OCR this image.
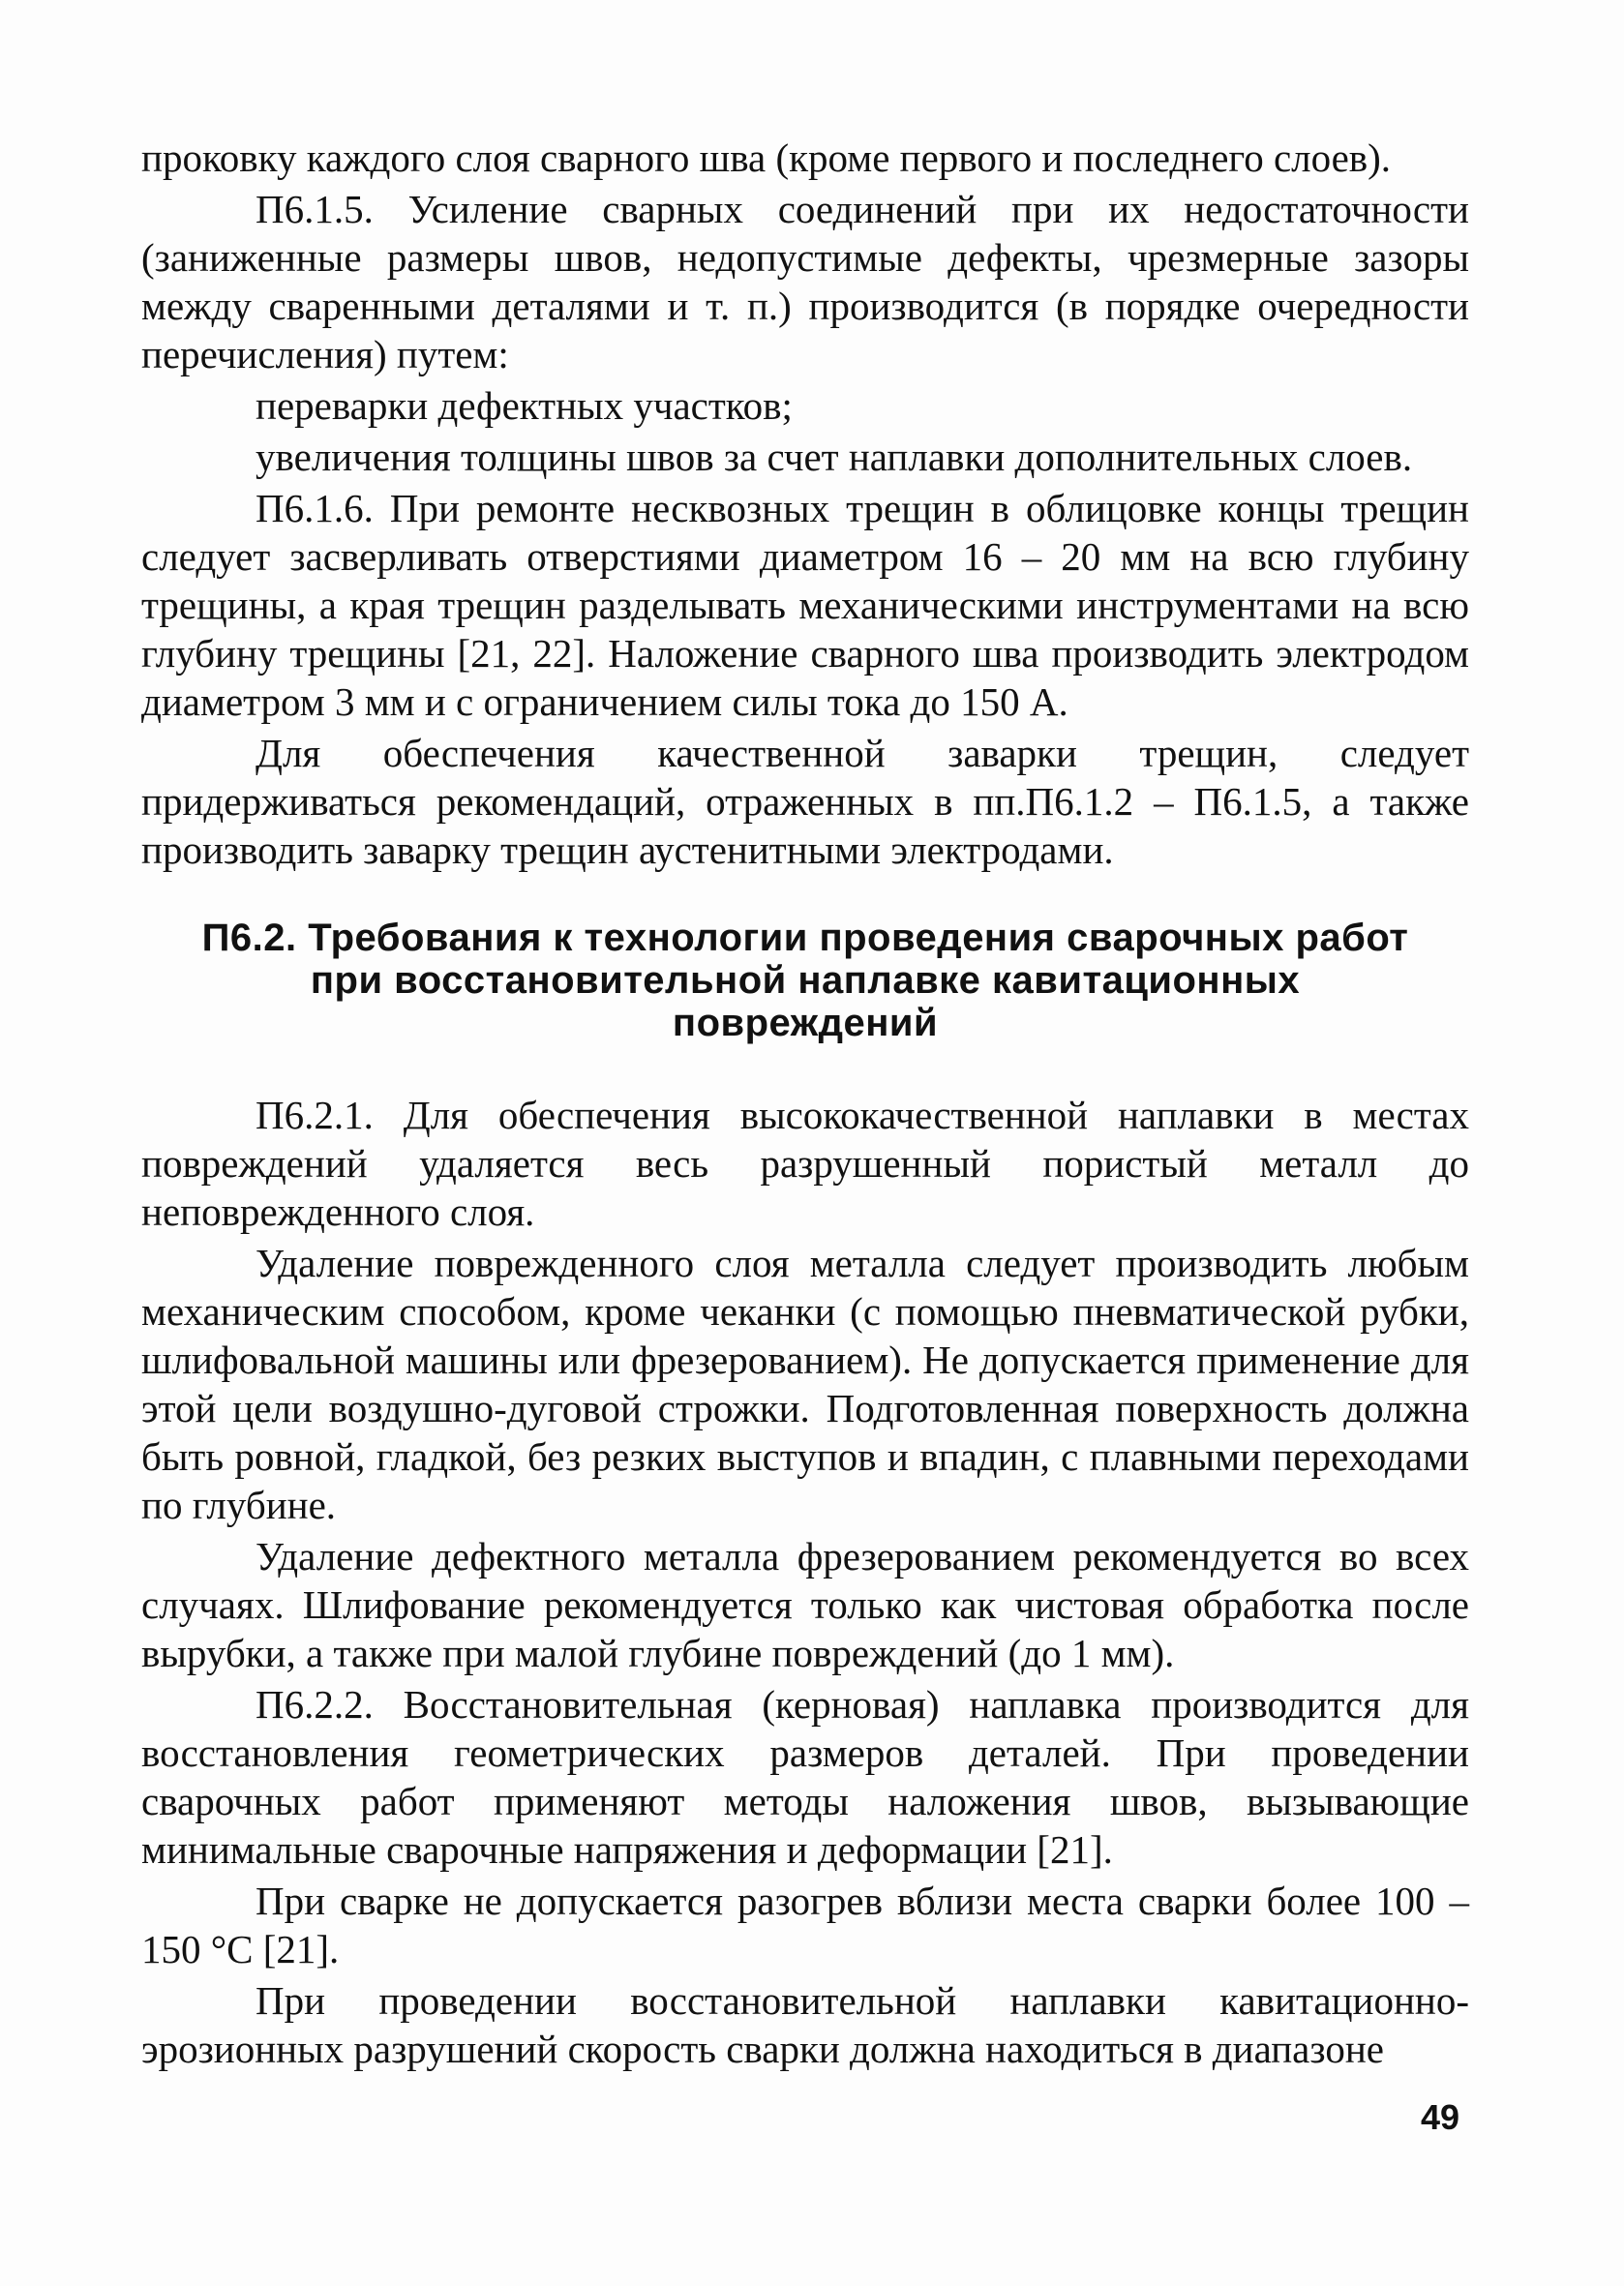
проковку каждого слоя сварного шва (кроме первого и последнего слоев).

П6.1.5. Усиление сварных соединений при их недостаточности (заниженные размеры швов, недопустимые дефекты, чрезмерные зазоры между сваренными деталями и т. п.) производится (в порядке очередности перечисления) путем:

переварки дефектных участков;

увеличения толщины швов за счет наплавки дополнительных слоев.

П6.1.6. При ремонте несквозных трещин в облицовке концы трещин следует засверливать отверстиями диаметром 16 – 20 мм на всю глубину трещины, а края трещин разделывать механическими инструментами на всю глубину трещины [21, 22]. Наложение сварного шва производить электродом диаметром 3 мм и с ограничением силы тока до 150 А.

Для обеспечения качественной заварки трещин, следует придерживаться рекомендаций, отраженных в пп.П6.1.2 – П6.1.5, а также производить заварку трещин аустенитными электродами.

П6.2. Требования к технологии проведения сварочных работ
при восстановительной наплавке кавитационных
повреждений

П6.2.1. Для обеспечения высококачественной наплавки в местах повреждений удаляется весь разрушенный пористый металл до неповрежденного слоя.

Удаление поврежденного слоя металла следует производить любым механическим способом, кроме чеканки (с помощью пневматической рубки, шлифовальной машины или фрезерованием). Не допускается применение для этой цели воздушно-дуговой строжки. Подготовленная поверхность должна быть ровной, гладкой, без резких выступов и впадин, с плавными переходами по глубине.

Удаление дефектного металла фрезерованием рекомендуется во всех случаях. Шлифование рекомендуется только как чистовая обработка после вырубки, а также при малой глубине повреждений (до 1 мм).

П6.2.2. Восстановительная (керновая) наплавка производится для восстановления геометрических размеров деталей. При проведении сварочных работ применяют методы наложения швов, вызывающие минимальные сварочные напряжения и деформации [21].

При сварке не допускается разогрев вблизи места сварки более 100 – 150 °С [21].

При проведении восстановительной наплавки кавитационно-эрозионных разрушений скорость сварки должна находиться в диапазоне

49
